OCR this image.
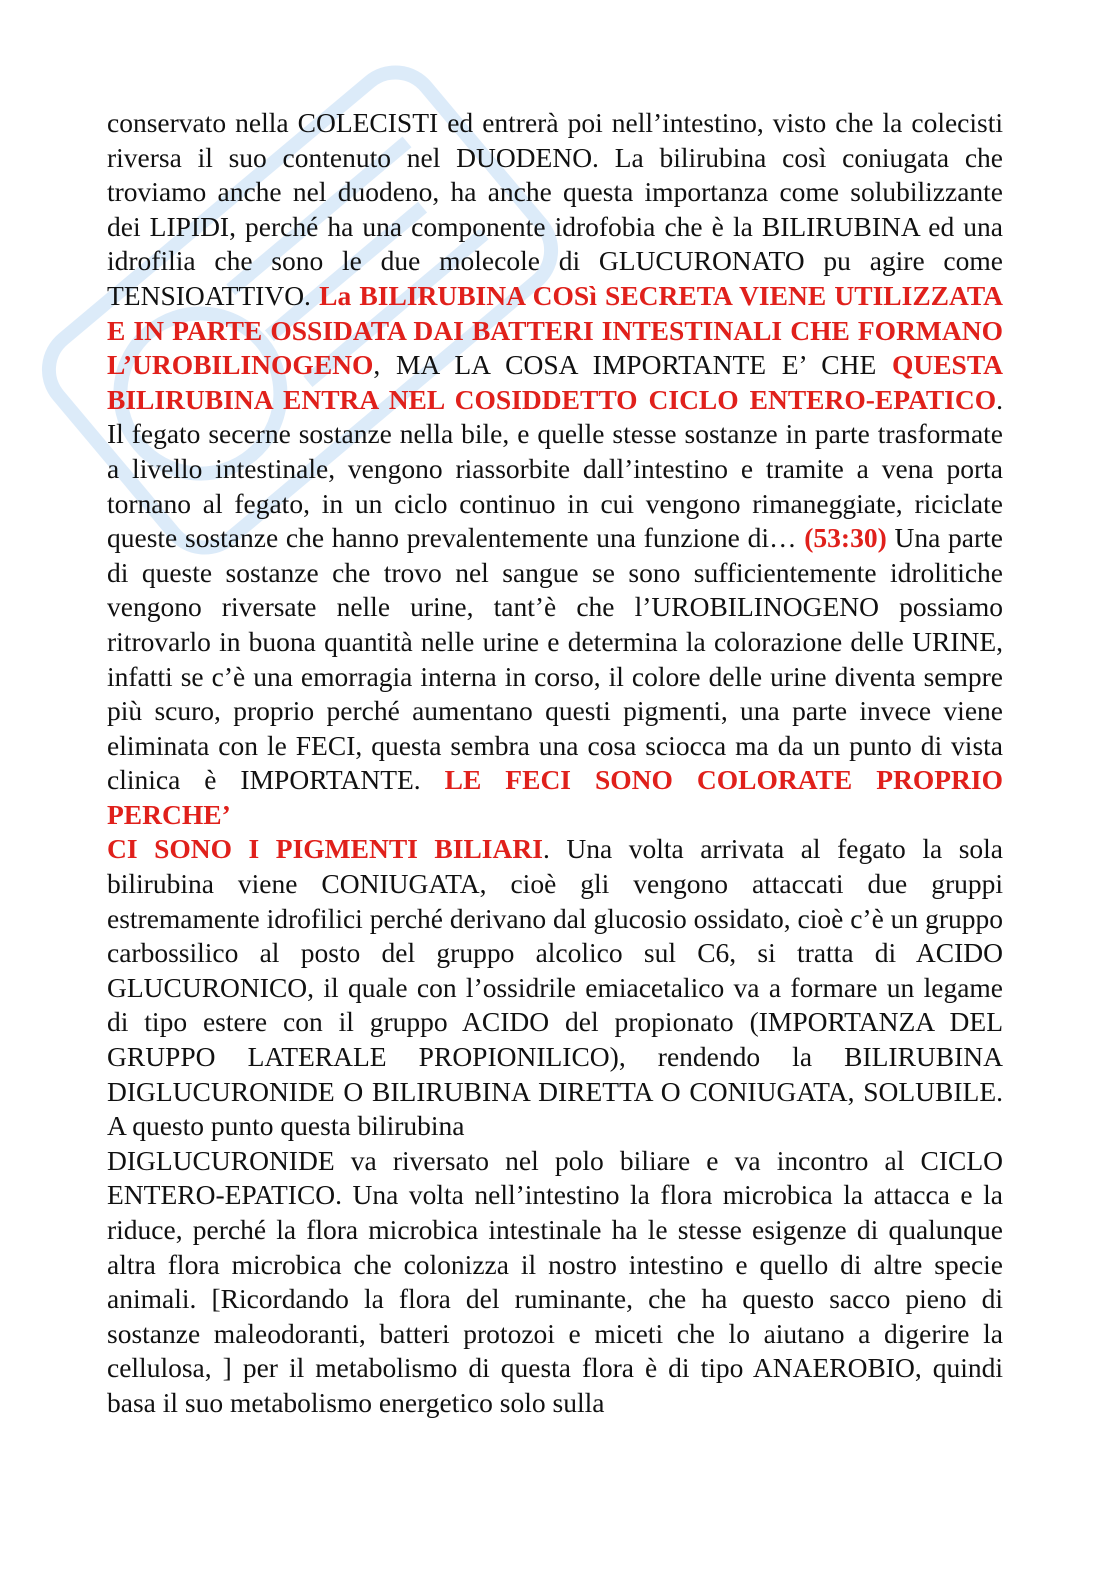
conservato nella COLECISTI ed entrerà poi nell’intestino, visto che la colecisti riversa il suo contenuto nel DUODENO. La bilirubina così coniugata che troviamo anche nel duodeno, ha anche questa importanza come solubilizzante dei LIPIDI, perché ha una componente idrofobia che è la BILIRUBINA ed una idrofilia che sono le due molecole di GLUCURONATO pu agire come TENSIOATTIVO. La BILIRUBINA COSì SECRETA VIENE UTILIZZATA E IN PARTE OSSIDATA DAI BATTERI INTESTINALI CHE FORMANO L’UROBILINOGENO, MA LA COSA IMPORTANTE E’ CHE QUESTA BILIRUBINA ENTRA NEL COSIDDETTO CICLO ENTERO-EPATICO. Il fegato secerne sostanze nella bile, e quelle stesse sostanze in parte trasformate a livello intestinale, vengono riassorbite dall’intestino e tramite a vena porta tornano al fegato, in un ciclo continuo in cui vengono rimaneggiate, riciclate queste sostanze che hanno prevalentemente una funzione di… (53:30) Una parte di queste sostanze che trovo nel sangue se sono sufficientemente idrolitiche vengono riversate nelle urine, tant’è che l’UROBILINOGENO possiamo ritrovarlo in buona quantità nelle urine e determina la colorazione delle URINE, infatti se c’è una emorragia interna in corso, il colore delle urine diventa sempre più scuro, proprio perché aumentano questi pigmenti, una parte invece viene eliminata con le FECI, questa sembra una cosa sciocca ma da un punto di vista clinica è IMPORTANTE. LE FECI SONO COLORATE PROPRIO PERCHE’

CI SONO I PIGMENTI BILIARI. Una volta arrivata al fegato la sola bilirubina viene CONIUGATA, cioè gli vengono attaccati due gruppi estremamente idrofilici perché derivano dal glucosio ossidato, cioè c’è un gruppo carbossilico al posto del gruppo alcolico sul C6, si tratta di ACIDO GLUCURONICO, il quale con l’ossidrile emiacetalico va a formare un legame di tipo estere con il gruppo ACIDO del propionato (IMPORTANZA DEL GRUPPO LATERALE PROPIONILICO), rendendo la BILIRUBINA DIGLUCURONIDE O BILIRUBINA DIRETTA O CONIUGATA, SOLUBILE. A questo punto questa bilirubina

DIGLUCURONIDE va riversato nel polo biliare e va incontro al CICLO ENTERO-EPATICO. Una volta nell’intestino la flora microbica la attacca e la riduce, perché la flora microbica intestinale ha le stesse esigenze di qualunque altra flora microbica che colonizza il nostro intestino e quello di altre specie animali. [Ricordando la flora del ruminante, che ha questo sacco pieno di sostanze maleodoranti, batteri protozoi e miceti che lo aiutano a digerire la cellulosa, ] per il metabolismo di questa flora è di tipo ANAEROBIO, quindi basa il suo metabolismo energetico solo sulla
